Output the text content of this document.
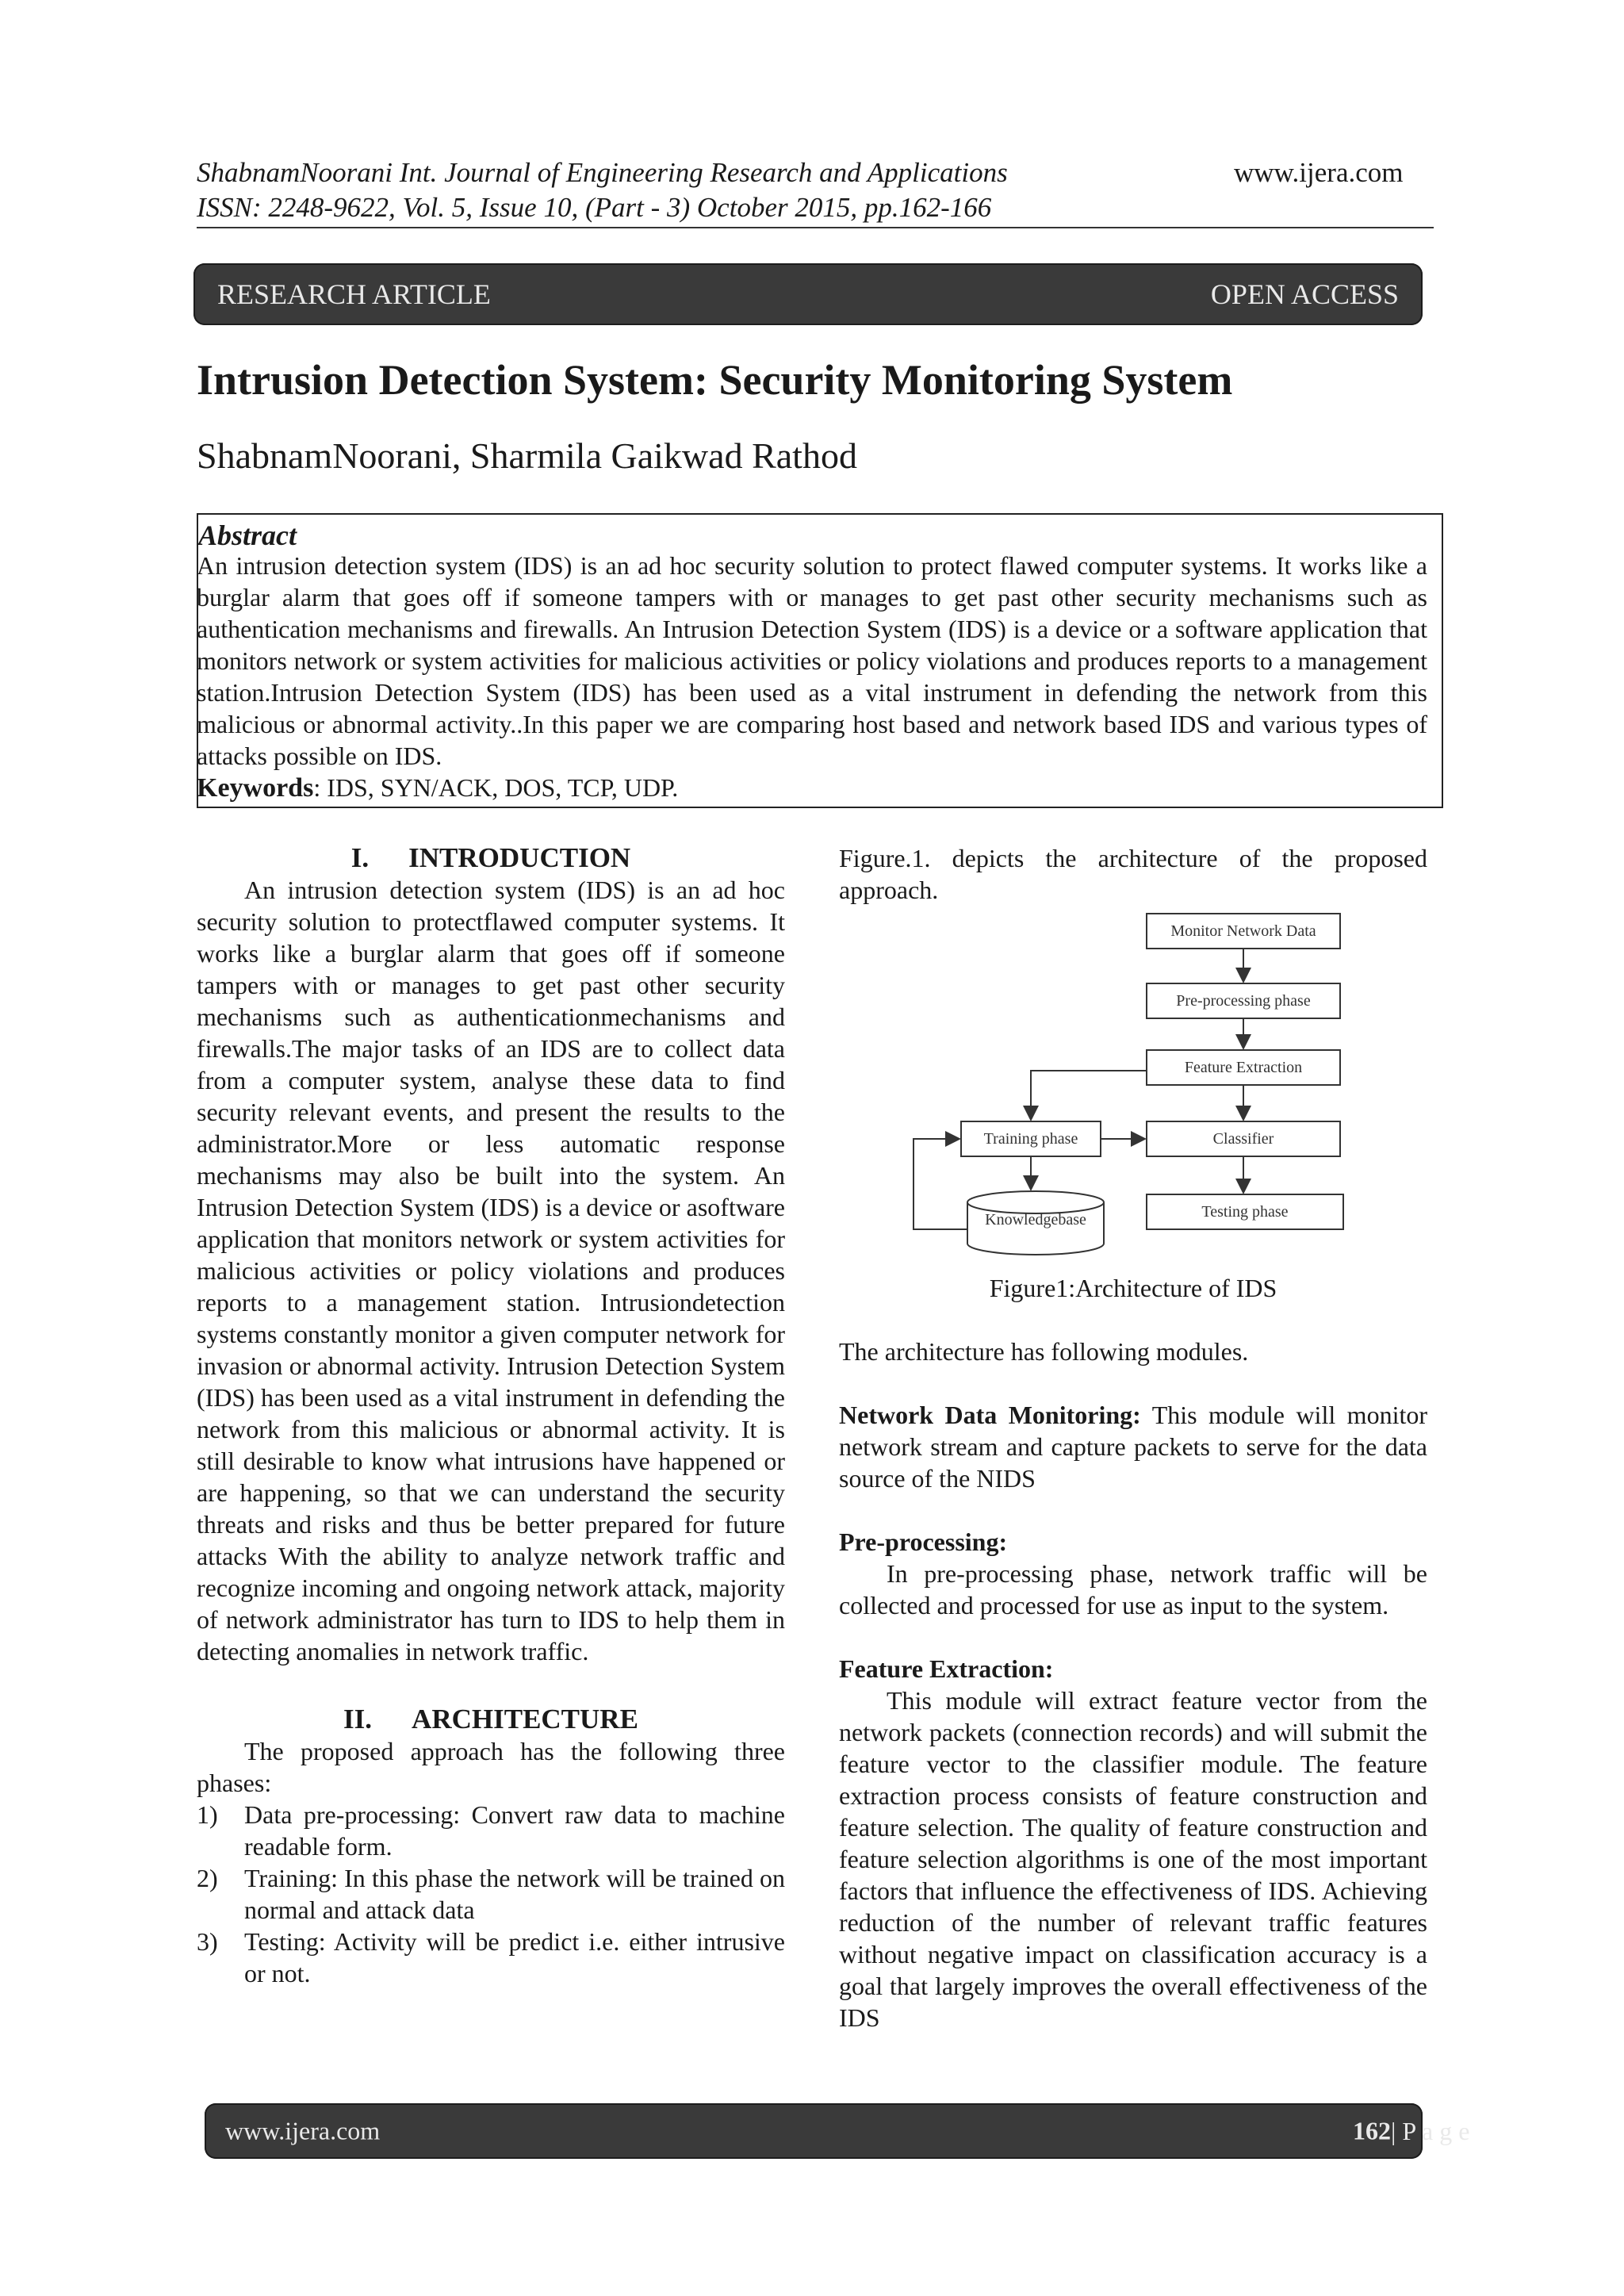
ShabnamNoorani Int. Journal of Engineering Research and Applications	www.ijera.com
ISSN: 2248-9622, Vol. 5, Issue 10, (Part - 3) October 2015, pp.162-166
RESEARCH ARTICLE	OPEN ACCESS
Intrusion Detection System: Security Monitoring System
ShabnamNoorani, Sharmila Gaikwad Rathod
Abstract
An intrusion detection system (IDS) is an ad hoc security solution to protect flawed computer systems. It works like a burglar alarm that goes off if someone tampers with or manages to get past other security mechanisms such as authentication mechanisms and firewalls. An Intrusion Detection System (IDS) is a device or a software application that monitors network or system activities for malicious activities or policy violations and produces reports to a management station.Intrusion Detection System (IDS) has been used as a vital instrument in defending the network from this malicious or abnormal activity..In this paper we are comparing host based and network based IDS and various types of attacks possible on IDS.
Keywords: IDS, SYN/ACK, DOS, TCP, UDP.

I. INTRODUCTION

An intrusion detection system (IDS) is an ad hoc security solution to protectflawed computer systems. It works like a burglar alarm that goes off if someone tampers with or manages to get past other security mechanisms such as authenticationmechanisms and firewalls.The major tasks of an IDS are to collect data from a computer system, analyse these data to find security relevant events, and present the results to the administrator.More or less automatic response mechanisms may also be built into the system. An Intrusion Detection System (IDS) is a device or asoftware application that monitors network or system activities for malicious activities or policy violations and produces reports to a management station. Intrusiondetection systems constantly monitor a given computer network for invasion or abnormal activity. Intrusion Detection System (IDS) has been used as a vital instrument in defending the network from this malicious or abnormal activity. It is still desirable to know what intrusions have happened or are happening, so that we can understand the security threats and risks and thus be better prepared for future attacks With the ability to analyze network traffic and recognize incoming and ongoing network attack, majority of network administrator has turn to IDS to help them in detecting anomalies in network traffic.

II. ARCHITECTURE

The proposed approach has the following three phases:

1) Data pre-processing: Convert raw data to machine readable form.
2) Training: In this phase the network will be trained on normal and attack data
3) Testing: Activity will be predict i.e. either intrusive or not.

Figure.1. depicts the architecture of the proposed approach.

Monitor Network Data
Pre-processing phase
Feature Extraction
Training phase	Classifier
Testing phase
Knowledgebase

Figure1:Architecture of IDS

The architecture has following modules.

Network Data Monitoring: This module will monitor network stream and capture packets to serve for the data source of the NIDS

Pre-processing:

In pre-processing phase, network traffic will be collected and processed for use as input to the system.

Feature Extraction:

This module will extract feature vector from the network packets (connection records) and will submit the feature vector to the classifier module. The feature extraction process consists of feature construction and feature selection. The quality of feature construction and feature selection algorithms is one of the most important factors that influence the effectiveness of IDS. Achieving reduction of the number of relevant traffic features without negative impact on classification accuracy is a goal that largely improves the overall effectiveness of the IDS

www.ijera.com	162 | P a g e
